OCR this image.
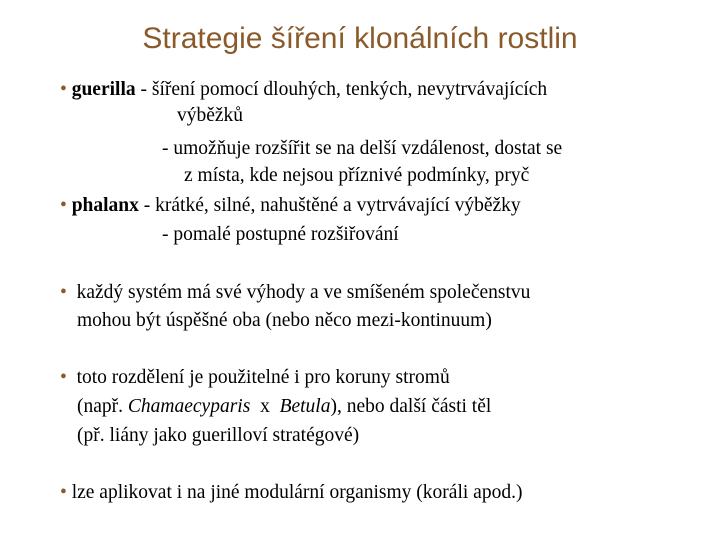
Strategie šíření klonálních rostlin
• guerilla - šíření pomocí dlouhých, tenkých, nevytrvávajících
výběžků
- umožňuje rozšířit se na delší vzdálenost, dostat se
z místa, kde nejsou příznivé podmínky, pryč
• phalanx - krátké, silné, nahuštěné a vytrvávající výběžky
- pomalé postupné rozšiřování
• každý systém má své výhody a ve smíšeném společenstvu
mohou být úspěšné oba (nebo něco mezi-kontinuum)
• toto rozdělení je použitelné i pro koruny stromů
(např. Chamaecyparis  x  Betula), nebo další části těl
(př. liány jako guerilloví stratégové)
• lze aplikovat i na jiné modulární organismy (koráli apod.)
